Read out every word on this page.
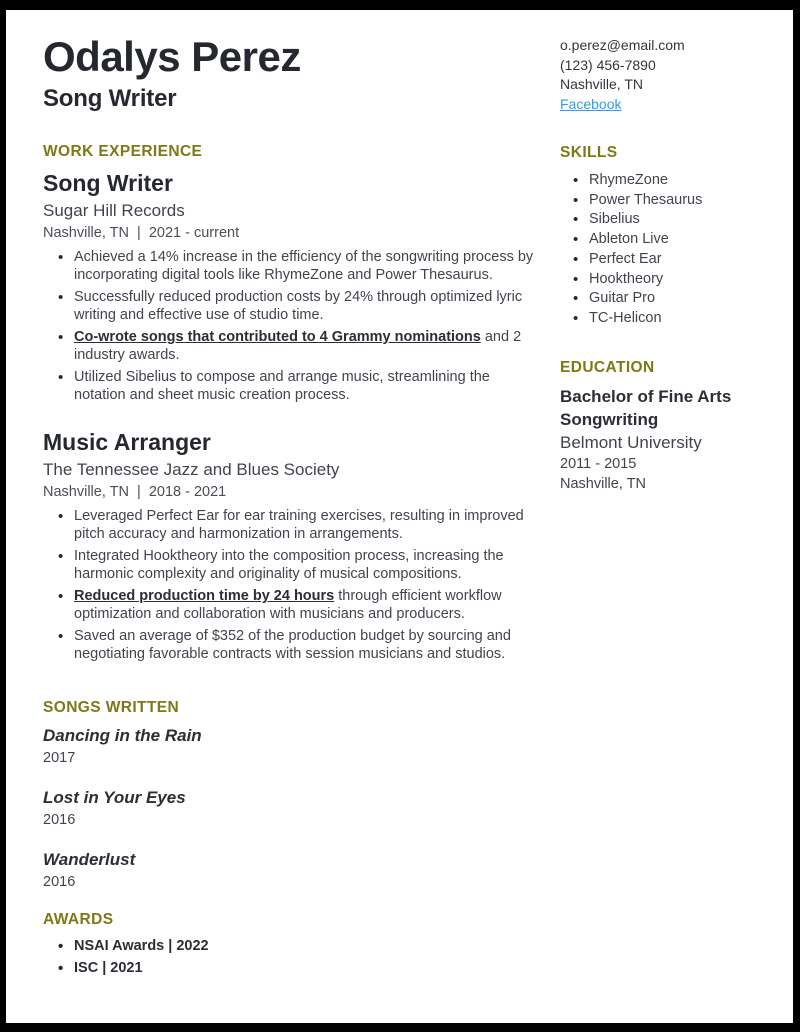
Odalys Perez
Song Writer
WORK EXPERIENCE
Song Writer
Sugar Hill Records
Nashville, TN  |  2021 - current
• Achieved a 14% increase in the efficiency of the songwriting process by incorporating digital tools like RhymeZone and Power Thesaurus.
• Successfully reduced production costs by 24% through optimized lyric writing and effective use of studio time.
• Co-wrote songs that contributed to 4 Grammy nominations and 2 industry awards.
• Utilized Sibelius to compose and arrange music, streamlining the notation and sheet music creation process.
Music Arranger
The Tennessee Jazz and Blues Society
Nashville, TN  |  2018 - 2021
• Leveraged Perfect Ear for ear training exercises, resulting in improved pitch accuracy and harmonization in arrangements.
• Integrated Hooktheory into the composition process, increasing the harmonic complexity and originality of musical compositions.
• Reduced production time by 24 hours through efficient workflow optimization and collaboration with musicians and producers.
• Saved an average of $352 of the production budget by sourcing and negotiating favorable contracts with session musicians and studios.
SONGS WRITTEN
Dancing in the Rain
2017
Lost in Your Eyes
2016
Wanderlust
2016
AWARDS
• NSAI Awards | 2022
• ISC | 2021
o.perez@email.com
(123) 456-7890
Nashville, TN
Facebook
SKILLS
• RhymeZone
• Power Thesaurus
• Sibelius
• Ableton Live
• Perfect Ear
• Hooktheory
• Guitar Pro
• TC-Helicon
EDUCATION
Bachelor of Fine Arts
Songwriting
Belmont University
2011 - 2015
Nashville, TN
